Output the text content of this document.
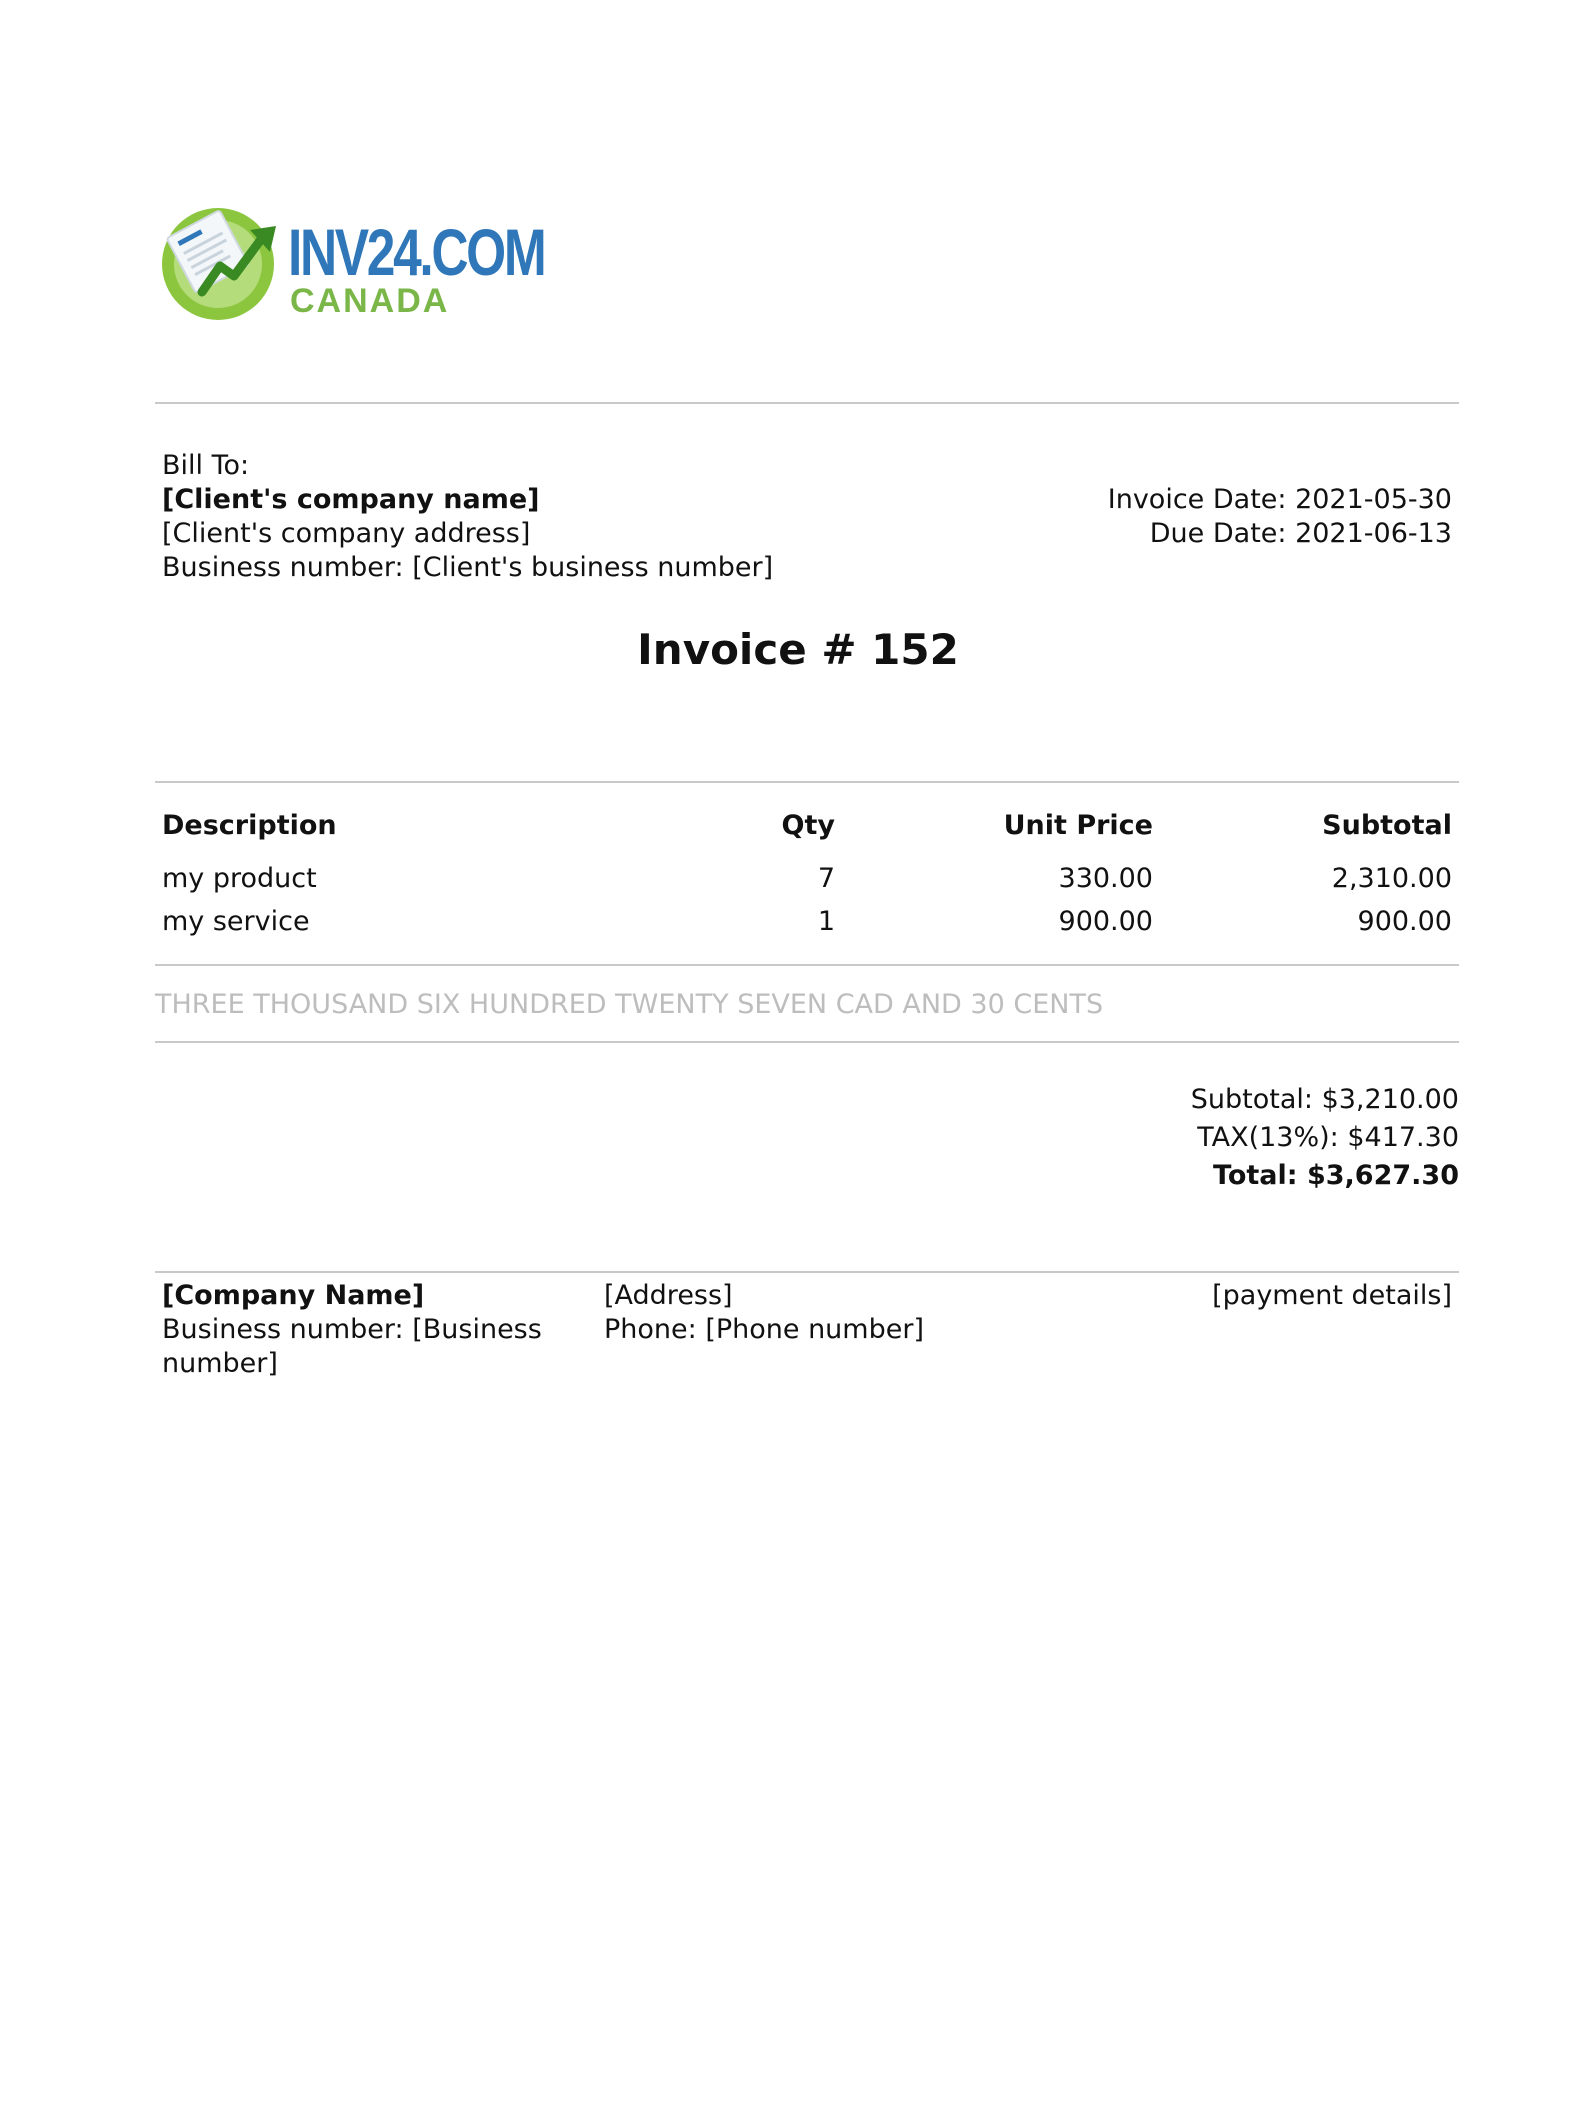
INV24.COM
CANADA
Bill To:
[Client's company name]
[Client's company address]
Business number: [Client's business number]
Invoice Date: 2021-05-30
Due Date: 2021-06-13
Invoice # 152
Description	Qty	Unit Price	Subtotal
my product	7	330.00	2,310.00
my service	1	900.00	900.00
THREE THOUSAND SIX HUNDRED TWENTY SEVEN CAD AND 30 CENTS
Subtotal: $3,210.00
TAX(13%): $417.30
Total: $3,627.30
[Company Name]
Business number: [Business
number]
[Address]
Phone: [Phone number]
[payment details]
